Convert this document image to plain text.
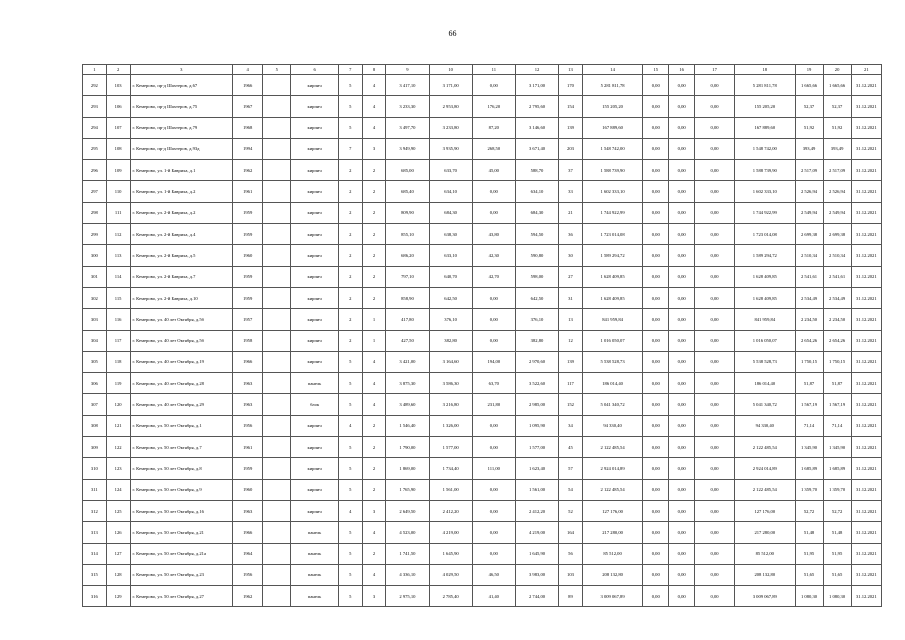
66
1	2	3	4	5	6	7	8	9	10	11	12	13	14	15	16	17	18	19	20	21
292	103	г. Кемерово, пр-д Шахтеров, д.67	1966		кирпич	5	4	3 417,10	3 171,00	0,00	3 171,00	170	5 281 811,78	0,00	0,00	0,00	5 281 811,78	1 665,66	1 665,66	31.12.2021
293	106	г. Кемерово, пр-д Шахтеров, д.75	1967		кирпич	5	4	3 233,30	2 953,80	176,20	2 795,60	154	155 205,20	0,00	0,00	0,00	155 205,20	52,37	52,37	31.12.2021
294	107	г. Кемерово, пр-д Шахтеров, д.79	1968		кирпич	5	4	3 497,70	3 233,80	87,20	3 146,60	139	167 889,60	0,00	0,00	0,00	167 889,60	51,92	51,92	31.12.2021
295	108	г. Кемерово, пр-д Шахтеров, д.93д	1994		кирпич	7	3	3 949,90	3 935,90	268,50	3 671,40	203	1 548 742,00	0,00	0,00	0,00	1 548 742,00	393,49	393,49	31.12.2021
296	109	г. Кемерово, ул. 1-й Бавриха, д.1	1962		кирпич	2	2	685,00	633,70	45,00	588,70	37	1 588 739,90	0,00	0,00	0,00	1 588 739,90	2 517,09	2 517,09	31.12.2021
297	110	г. Кемерово, ул. 1-й Бавриха, д.2	1961		кирпич	2	2	685,40	634,10	0,00	634,10	33	1 602 333,10	0,00	0,00	0,00	1 602 333,10	2 526,94	2 526,94	31.12.2021
298	111	г. Кемерово, ул. 2-й Бавриха, д.2	1959		кирпич	2	2	809,90	684,30	0,00	684,30	21	1 744 922,99	0,00	0,00	0,00	1 744 922,99	2 549,94	2 549,94	31.12.2021
299	112	г. Кемерово, ул. 2-й Бавриха, д.4	1959		кирпич	2	2	855,10	638,30	43,80	594,50	36	1 723 014,08	0,00	0,00	0,00	1 723 014,08	2 699,38	2 699,38	31.12.2021
300	113	г. Кемерово, ул. 2-й Бавриха, д.5	1960		кирпич	2	2	686,20	633,10	42,30	590,80	30	1 589 294,72	0,00	0,00	0,00	1 589 294,72	2 510,34	2 510,34	31.12.2021
301	114	г. Кемерово, ул. 2-й Бавриха, д.7	1959		кирпич	2	2	797,10	640,70	42,70	598,00	27	1 628 409,85	0,00	0,00	0,00	1 628 409,85	2 541,61	2 541,61	31.12.2021
302	115	г. Кемерово, ул. 2-й Бавриха, д.10	1959		кирпич	2	2	858,90	642,50	0,00	642,50	31	1 628 409,85	0,00	0,00	0,00	1 628 409,85	2 534,49	2 534,49	31.12.2021
303	116	г. Кемерово, ул. 40 лет Октября, д.5б	1957		кирпич	2	1	417,80	376,10	0,00	376,10	13	841 959,84	0,00	0,00	0,00	841 959,84	2 234,50	2 234,50	31.12.2021
304	117	г. Кемерово, ул. 40 лет Октября, д.5б	1958		кирпич	2	1	427,50	382,80	0,00	382,80	12	1 016 050,07	0,00	0,00	0,00	1 016 050,07	2 654,26	2 654,26	31.12.2021
305	118	г. Кемерово, ул. 40 лет Октября, д.19	1966		кирпич	5	4	3 421,00	3 164,60	194,00	2 970,60	139	5 538 528,73	0,00	0,00	0,00	5 538 528,73	1 750,15	1 750,15	31.12.2021
306	119	г. Кемерово, ул. 40 лет Октября, д.28	1963		панель	5	4	3 875,30	3 586,30	63,70	3 522,60	117	186 014,40	0,00	0,00	0,00	186 014,40	51,87	51,87	31.12.2021
307	120	г. Кемерово, ул. 40 лет Октября, д.29	1963		блок	5	4	3 489,60	3 216,80	231,80	2 985,00	152	5 041 340,72	0,00	0,00	0,00	5 041 340,72	1 567,19	1 567,19	31.12.2021
308	121	г. Кемерово, ул. 50 лет Октября, д.1	1956		кирпич	4	2	1 546,40	1 326,00	0,00	1 095,90	34	94 330,40	0,00	0,00	0,00	94 330,40	71,14	71,14	31.12.2021
309	122	г. Кемерово, ул. 50 лет Октября, д.7	1961		кирпич	5	2	1 790,00	1 577,00	0,00	1 577,00	45	2 122 485,54	0,00	0,00	0,00	2 122 485,54	1 345,90	1 345,90	31.12.2021
310	123	г. Кемерово, ул. 50 лет Октября, д.8	1959		кирпич	5	2	1 869,00	1 734,40	111,00	1 623,40	57	2 924 014,89	0,00	0,00	0,00	2 924 014,89	1 685,89	1 685,89	31.12.2021
311	124	г. Кемерово, ул. 50 лет Октября, д.9	1960		кирпич	5	2	1 765,90	1 561,00	0,00	1 561,00	54	2 122 485,54	0,00	0,00	0,00	2 122 485,54	1 359,70	1 359,70	31.12.2021
312	125	г. Кемерово, ул. 50 лет Октября, д.16	1963		кирпич	4	3	2 649,50	2 412,20	0,00	2 412,20	52	127 176,00	0,00	0,00	0,00	127 176,00	52,72	52,72	31.12.2021
313	126	г. Кемерово, ул. 50 лет Октября, д.21	1966		панель	5	4	4 523,00	4 219,00	0,00	4 219,00	164	217 280,00	0,00	0,00	0,00	217 280,00	51,48	51,48	31.12.2021
314	127	г. Кемерово, ул. 50 лет Октября, д.21а	1964		панель	5	2	1 741,50	1 645,90	0,00	1 645,90	56	85 512,00	0,00	0,00	0,00	85 512,00	51,95	51,95	31.12.2021
315	128	г. Кемерово, ул. 50 лет Октября, д.23	1956		панель	5	4	4 336,10	4 029,50	46,50	3 983,00	103	208 132,80	0,00	0,00	0,00	208 132,80	51,65	51,65	31.12.2021
316	129	г. Кемерово, ул. 50 лет Октября, д.27	1962		панель	5	3	2 975,10	2 785,40	41,40	2 744,00	89	3 009 067,89	0,00	0,00	0,00	3 009 067,89	1 080,30	1 080,30	31.12.2021
